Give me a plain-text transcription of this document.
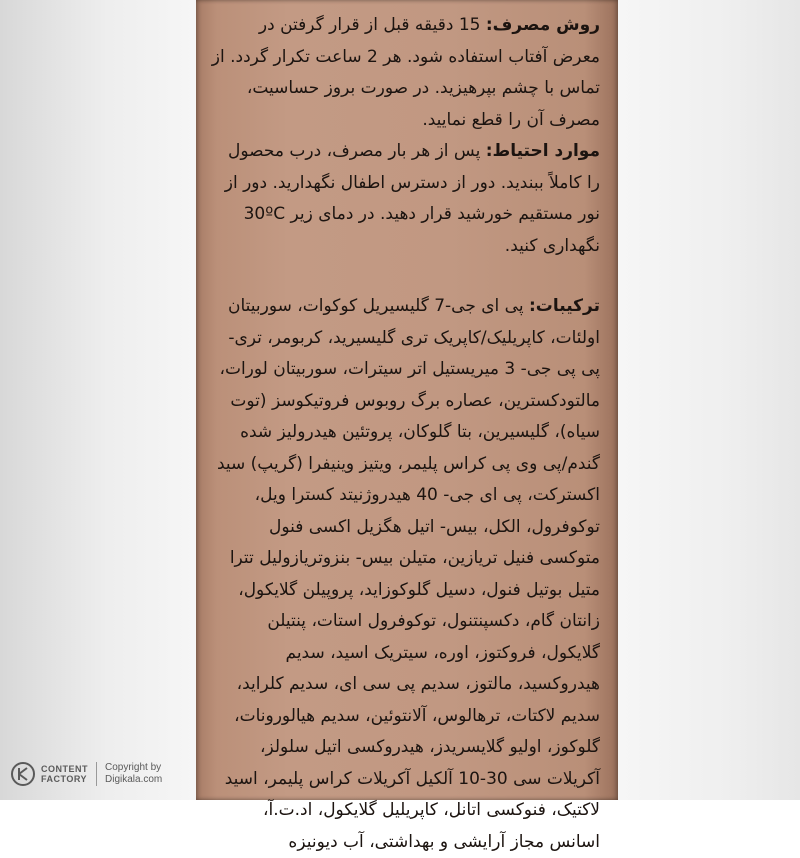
روش مصرف: 15 دقیقه قبل از قرار گرفتن در معرض آفتاب استفاده شود. هر 2 ساعت تکرار گردد. از تماس با چشم بپرهیزید. در صورت بروز حساسیت، مصرف آن را قطع نمایید.

موارد احتیاط: پس از هر بار مصرف، درب محصول را کاملاً ببندید. دور از دسترس اطفال نگهدارید. دور از نور مستقیم خورشید قرار دهید. در دمای زیر 30ºC نگهداری کنید.

ترکیبات: پی ای جی-7 گلیسیریل کوکوات، سوربیتان اولئات، کاپریلیک/کاپریک تری گلیسیرید، کربومر، تری- پی پی جی- 3 میریستیل اتر سیترات، سوربیتان لورات، مالتودکسترین، عصاره برگ روبوس فروتیکوسز (توت سیاه)، گلیسیرین، بتا گلوکان، پروتئین هیدرولیز شده گندم/پی وی پی کراس پلیمر، ویتیز وینیفرا (گریپ) سید اکسترکت، پی ای جی- 40 هیدروژنیتد کسترا ویل، توکوفرول، الکل، بیس- اتیل هگزیل اکسی فنول متوکسی فنیل تریازین، متیلن بیس- بنزوتریازولیل تترا متیل بوتیل فنول، دسیل گلوکوزاید، پروپیلن گلایکول، زانتان گام، دکسپنتنول، توکوفرول استات، پنتیلن گلایکول، فروکتوز، اوره، سیتریک اسید، سدیم هیدروکسید، مالتوز، سدیم پی سی ای، سدیم کلراید، سدیم لاکتات، ترهالوس، آلانتوئین، سدیم هیالورونات، گلوکوز، اولیو گلایسریدز، هیدروکسی اتیل سلولز، آکریلات سی 30-10 آلکیل آکریلات کراس پلیمر، اسید لاکتیک، فنوکسی اتانل، کاپریلیل گلایکول، اد.ت.آ، اسانس مجاز آرایشی و بهداشتی، آب دیونیزه

CONTENT
FACTORY
Copyright by
Digikala.com
